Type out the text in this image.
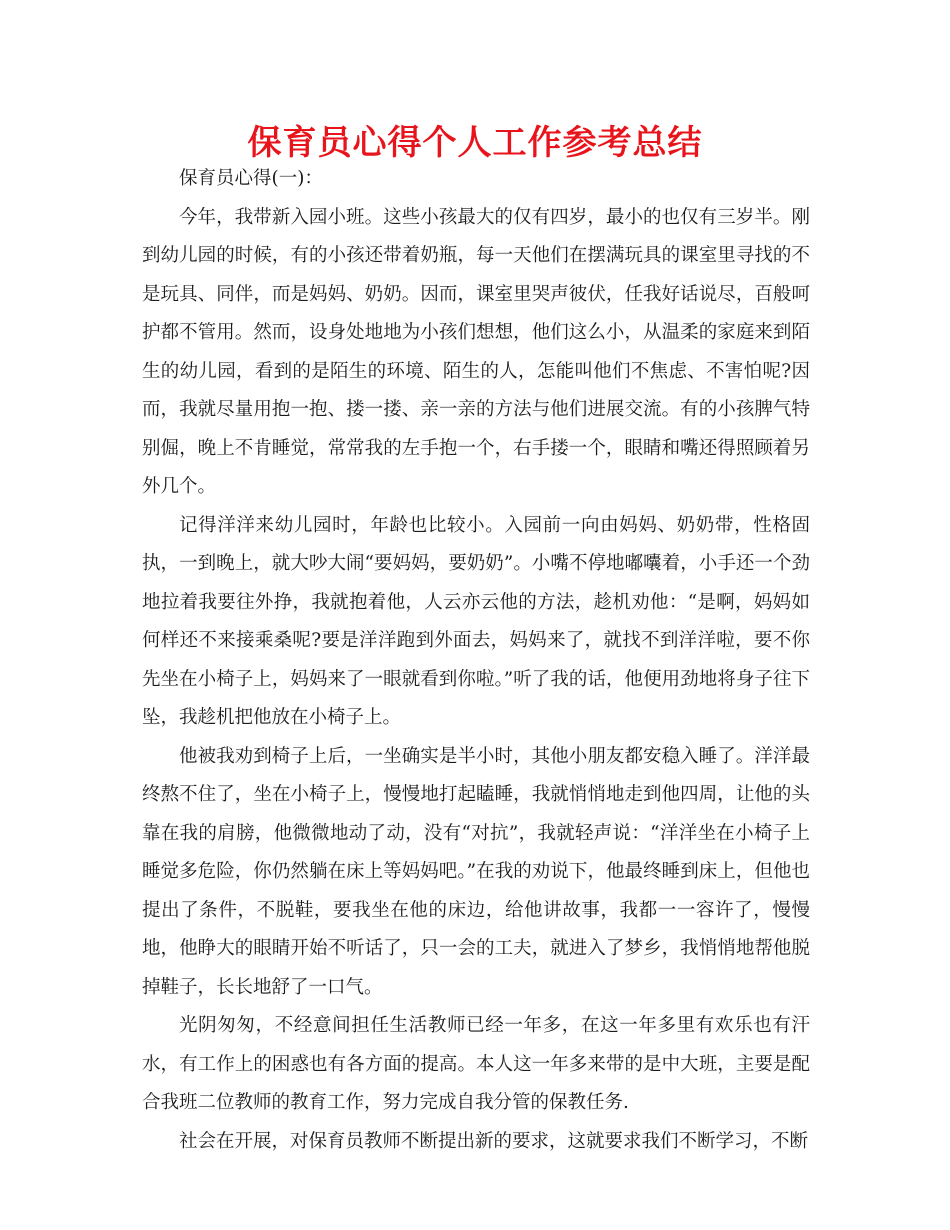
保育员心得个人工作参考总结

保育员心得(一)：

今年，我带新入园小班。这些小孩最大的仅有四岁，最小的也仅有三岁半。刚到幼儿园的时候，有的小孩还带着奶瓶，每一天他们在摆满玩具的课室里寻找的不是玩具、同伴，而是妈妈、奶奶。因而，课室里哭声彼伏，任我好话说尽，百般呵护都不管用。然而，设身处地地为小孩们想想，他们这么小，从温柔的家庭来到陌生的幼儿园，看到的是陌生的环境、陌生的人，怎能叫他们不焦虑、不害怕呢?因而，我就尽量用抱一抱、搂一搂、亲一亲的方法与他们进展交流。有的小孩脾气特别倔，晚上不肯睡觉，常常我的左手抱一个，右手搂一个，眼睛和嘴还得照顾着另外几个。

记得洋洋来幼儿园时，年龄也比较小。入园前一向由妈妈、奶奶带，性格固执，一到晚上，就大吵大闹“要妈妈，要奶奶”。小嘴不停地嘟囔着，小手还一个劲地拉着我要往外挣，我就抱着他，人云亦云他的方法，趁机劝他：“是啊，妈妈如何样还不来接乘桑呢?要是洋洋跑到外面去，妈妈来了，就找不到洋洋啦，要不你先坐在小椅子上，妈妈来了一眼就看到你啦。”听了我的话，他便用劲地将身子往下坠，我趁机把他放在小椅子上。

他被我劝到椅子上后，一坐确实是半小时，其他小朋友都安稳入睡了。洋洋最终熬不住了，坐在小椅子上，慢慢地打起瞌睡，我就悄悄地走到他四周，让他的头靠在我的肩膀，他微微地动了动，没有“对抗”，我就轻声说：“洋洋坐在小椅子上睡觉多危险，你仍然躺在床上等妈妈吧。”在我的劝说下，他最终睡到床上，但他也提出了条件，不脱鞋，要我坐在他的床边，给他讲故事，我都一一容许了，慢慢地，他睁大的眼睛开始不听话了，只一会的工夫，就进入了梦乡，我悄悄地帮他脱掉鞋子，长长地舒了一口气。

光阴匆匆，不经意间担任生活教师已经一年多，在这一年多里有欢乐也有汗水，有工作上的困惑也有各方面的提高。本人这一年多来带的是中大班，主要是配合我班二位教师的教育工作，努力完成自我分管的保教任务.

社会在开展，对保育员教师不断提出新的要求，这就要求我们不断学习，不断
